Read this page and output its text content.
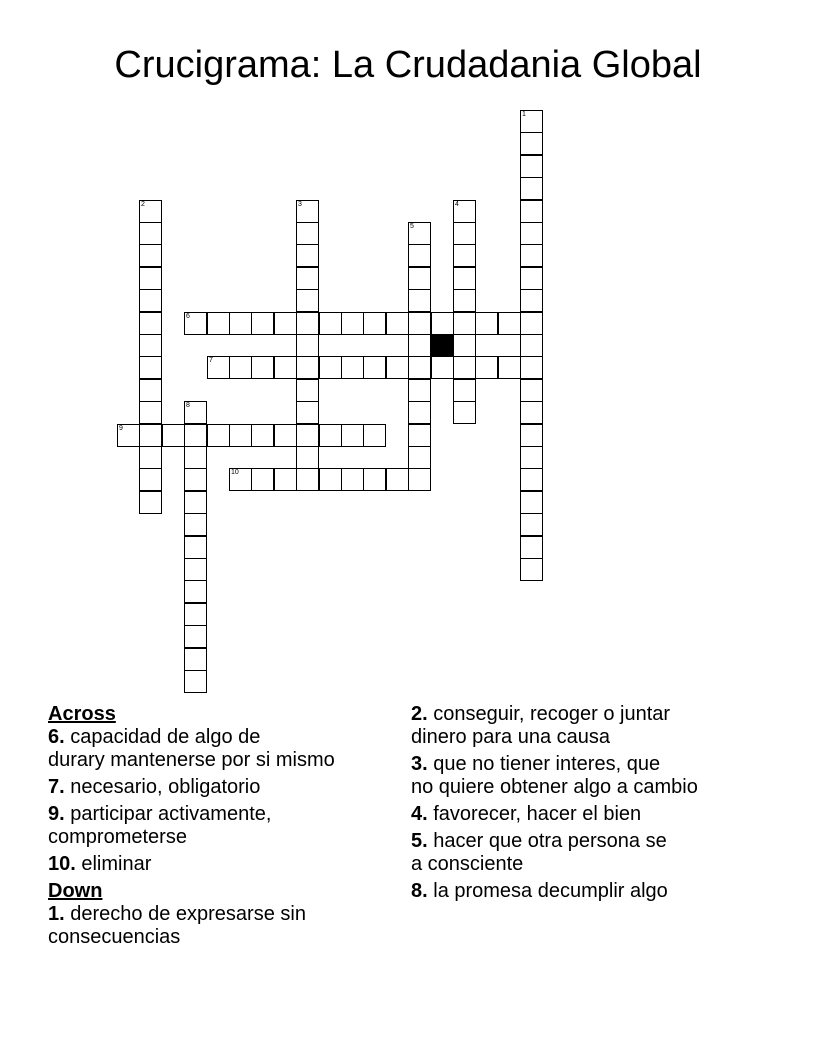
Crucigrama: La Crudadania Global
1
2	3	4
5
6
7
8
9
10
Across
6. capacidad de algo de
durary mantenerse por si mismo
7. necesario, obligatorio
9. participar activamente,
comprometerse
10. eliminar
Down
1. derecho de expresarse sin
consecuencias
2. conseguir, recoger o juntar
dinero para una causa
3. que no tiener interes, que
no quiere obtener algo a cambio
4. favorecer, hacer el bien
5. hacer que otra persona se
a consciente
8. la promesa decumplir algo
